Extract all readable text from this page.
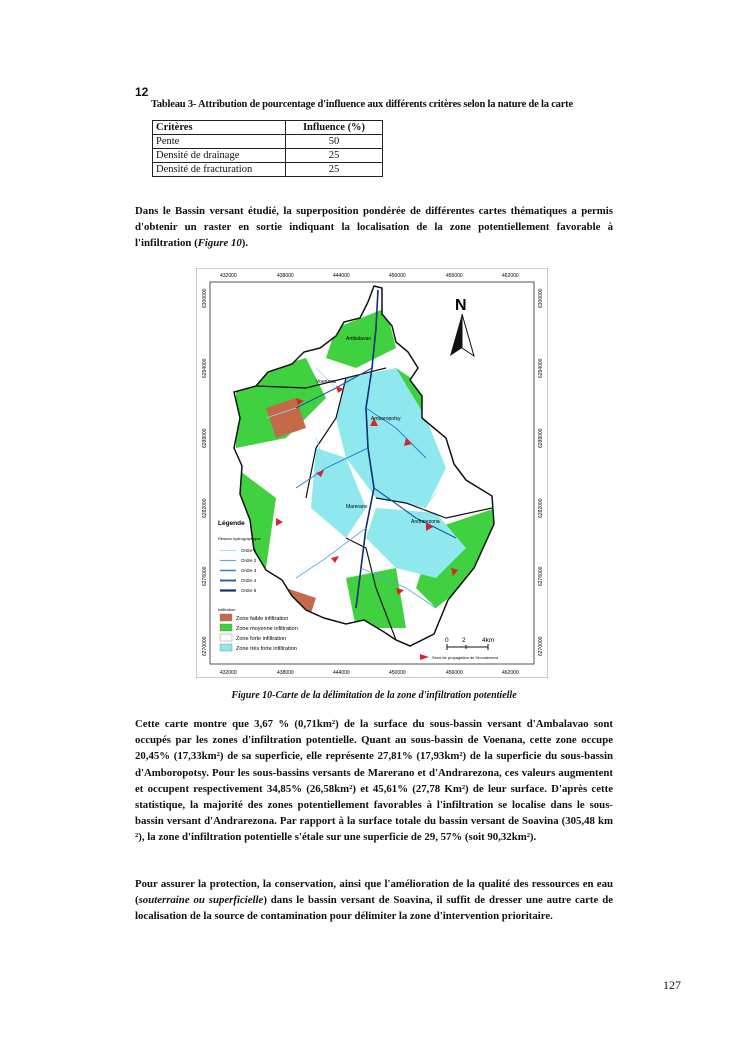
12
Tableau 3- Attribution de pourcentage d'influence aux différents critères selon la nature de la carte
Critères	Influence (%)
Pente	50
Densité de drainage	25
Densité de fracturation	25
Dans le Bassin versant étudié, la superposition pondérée de différentes cartes thématiques a permis d'obtenir un raster en sortie indiquant la localisation de la zone potentiellement favorable à l'infiltration (Figure 10).
432000	438000	444000	450000	456000	462000
432000	438000	444000	450000	456000	462000
6300000
6294000
6288000
6282000
6276000
6270000
6300000
6294000
6288000
6282000
6276000
6270000
Ambalavao
Voenana
Amboropotsy
Marerano
Andrarezona
N
Légende
Réseau hydrographique
Ordre 1
Ordre 2
Ordre 3
Ordre 4
Ordre 5
Infiltration
Zone faible infiltration
Zone moyenne infiltration
Zone forte infiltration
Zone très forte infiltration
Sens de propagation de l'écoulement
0 2	4km
Figure 10-Carte de la délimitation de la zone d'infiltration potentielle
Cette carte montre que 3,67 % (0,71km²) de la surface du sous-bassin versant d'Ambalavao sont occupés par les zones d'infiltration potentielle. Quant au sous-bassin de Voenana, cette zone occupe 20,45% (17,33km²) de sa superficie, elle représente 27,81% (17,93km²) de la superficie du sous-bassin d'Amboropotsy. Pour les sous-bassins versants de Marerano et d'Andrarezona, ces valeurs augmentent et occupent respectivement 34,85% (26,58km²) et 45,61% (27,78 Km²) de leur surface. D'après cette statistique, la majorité des zones potentiellement favorables à l'infiltration se localise dans le sous-bassin versant d'Andrarezona. Par rapport à la surface totale du bassin versant de Soavina (305,48 km ²), la zone d'infiltration potentielle s'étale sur une superficie de 29, 57% (soit 90,32km²).
Pour assurer la protection, la conservation, ainsi que l'amélioration de la qualité des ressources en eau (souterraine ou superficielle) dans le bassin versant de Soavina, il suffit de dresser une autre carte de localisation de la source de contamination pour délimiter la zone d'intervention prioritaire.
127
